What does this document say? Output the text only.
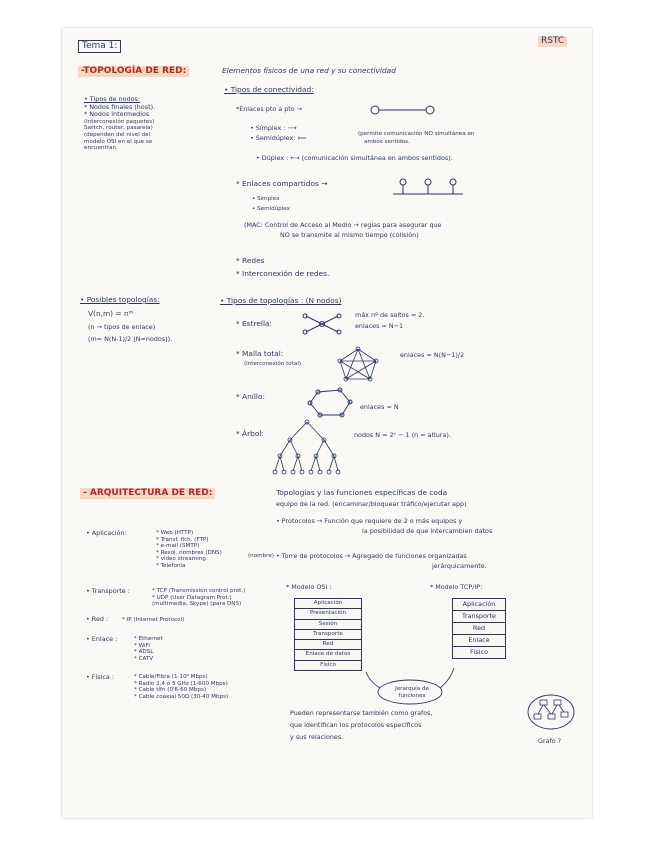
Tema 1:	RSTC
-TOPOLOGÍA DE RED:	Elementos físicos de una red y su conectividad
• Tipos de nodos:
* Nodos finales (host).
* Nodos intermedios
(interconexión paquetes)
Switch, router, pasarela)
(dependen del nivel del
modelo OSI en el que se
encuentran.
• Tipos de conectividad:
*Enlaces pto a pto →
• Símplex : ⟶
• Semidúplex: ⟸	(permite comunicación NO simultánea en
ambos sentidos.
• Dúplex : ⟷ (comunicación simultánea en ambos sentidos).
* Enlaces compartidos →
• Símplex
• Semidúplex
(MAC: Control de Acceso al Medio → reglas para asegurar que
NO se transmite al mismo tiempo (colisión)
* Redes
* Interconexión de redes.
• Posibles topologías:
V(n,m) = nᵐ
(n → tipos de enlace)
(m= N(N-1)/2 (N=nodos)).
• Tipos de topologías : (N nodos)
* Estrella:
máx nº de saltos = 2.
enlaces = N−1
* Malla total:
(interconexión total)
enlaces = N(N−1)/2
* Anillo:
enlaces = N
* Árbol:	nodos N = 2ⁿ − 1 (n = altura).
- ARQUITECTURA DE RED:	Topologías y las funciones específicas de coda
equipo de la red. (encaminar/bloquear tráfico/ejecutar app)
• Protocolos → Función que requiere de 2 o más equipos y
la posibilidad de que intercambien datos
• Torre de protocolos → Agregado de funciones organizadas
jerárquicamente.
• Aplicación:	* Web (HTTP)
* Transf. fich. (FTP)
* e-mail (SMTP)
* Resol. nombres (DNS)
* vídeo streaming
* Telefonía
(nombre)
• Transporte :	* TCP (Transmission control prot.)
* UDP (User Datagram Prot.)
(multimedia, Skype) (para DNS)
• Red : * IP (Internet Protocol)
• Enlace :	* Ethernet
* WiFi
* ADSL
* CATV
• Física :	* Cable/Fibra (1-10⁹ Mbps)
* Radio 2,4 ó 5 GHz (1-600 Mbps)
* Cable tlfn (0'6-60 Mbps)
* Cable coaxial 50Ω (30-40 Mbps)
* Modelo OSI :
Aplicación
Presentación
Sesión
Transporte
Red
Enlace de datos
Físico
* Modelo TCP/IP:
Aplicación
Transporte
Red
Enlace
Físico
Jerarquía de funciones
Pueden representarse también como grafos,
que identifican los protocolos específicos
y sus relaciones.	Grafo ?
